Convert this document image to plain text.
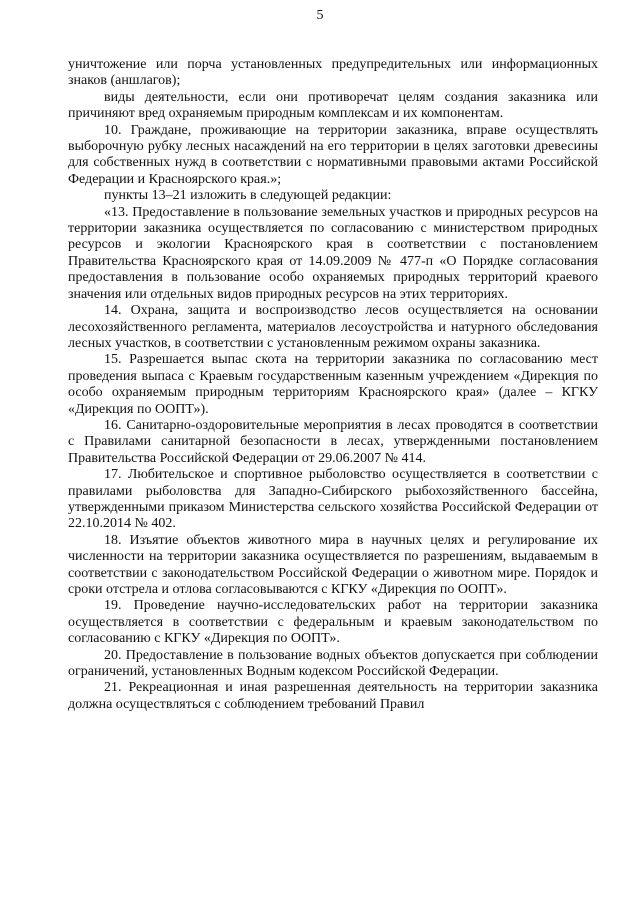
5

уничтожение или порча установленных предупредительных или информационных знаков (аншлагов);

виды деятельности, если они противоречат целям создания заказника или причиняют вред охраняемым природным комплексам и их компонентам.

10. Граждане, проживающие на территории заказника, вправе осуществлять выборочную рубку лесных насаждений на его территории в целях заготовки древесины для собственных нужд в соответствии с нормативными правовыми актами Российской Федерации и Красноярского края.»;

пункты 13–21 изложить в следующей редакции:

«13. Предоставление в пользование земельных участков и природных ресурсов на территории заказника осуществляется по согласованию с министерством природных ресурсов и экологии Красноярского края в соответствии с постановлением Правительства Красноярского края от 14.09.2009 № 477-п «О Порядке согласования предоставления в пользование особо охраняемых природных территорий краевого значения или отдельных видов природных ресурсов на этих территориях.

14. Охрана, защита и воспроизводство лесов осуществляется на основании лесохозяйственного регламента, материалов лесоустройства и натурного обследования лесных участков, в соответствии с установленным режимом охраны заказника.

15. Разрешается выпас скота на территории заказника по согласованию мест проведения выпаса с Краевым государственным казенным учреждением «Дирекция по особо охраняемым природным территориям Красноярского края» (далее – КГКУ «Дирекция по ООПТ»).

16. Санитарно-оздоровительные мероприятия в лесах проводятся в соответствии с Правилами санитарной безопасности в лесах, утвержденными постановлением Правительства Российской Федерации от 29.06.2007 № 414.

17. Любительское и спортивное рыболовство осуществляется в соответствии с правилами рыболовства для Западно-Сибирского рыбохозяйственного бассейна, утвержденными приказом Министерства сельского хозяйства Российской Федерации от 22.10.2014 № 402.

18. Изъятие объектов животного мира в научных целях и регулирование их численности на территории заказника осуществляется по разрешениям, выдаваемым в соответствии с законодательством Российской Федерации о животном мире. Порядок и сроки отстрела и отлова согласовываются с КГКУ «Дирекция по ООПТ».

19. Проведение научно-исследовательских работ на территории заказника осуществляется в соответствии с федеральным и краевым законодательством по согласованию с КГКУ «Дирекция по ООПТ».

20. Предоставление в пользование водных объектов допускается при соблюдении ограничений, установленных Водным кодексом Российской Федерации.

21. Рекреационная и иная разрешенная деятельность на территории заказника должна осуществляться с соблюдением требований Правил
